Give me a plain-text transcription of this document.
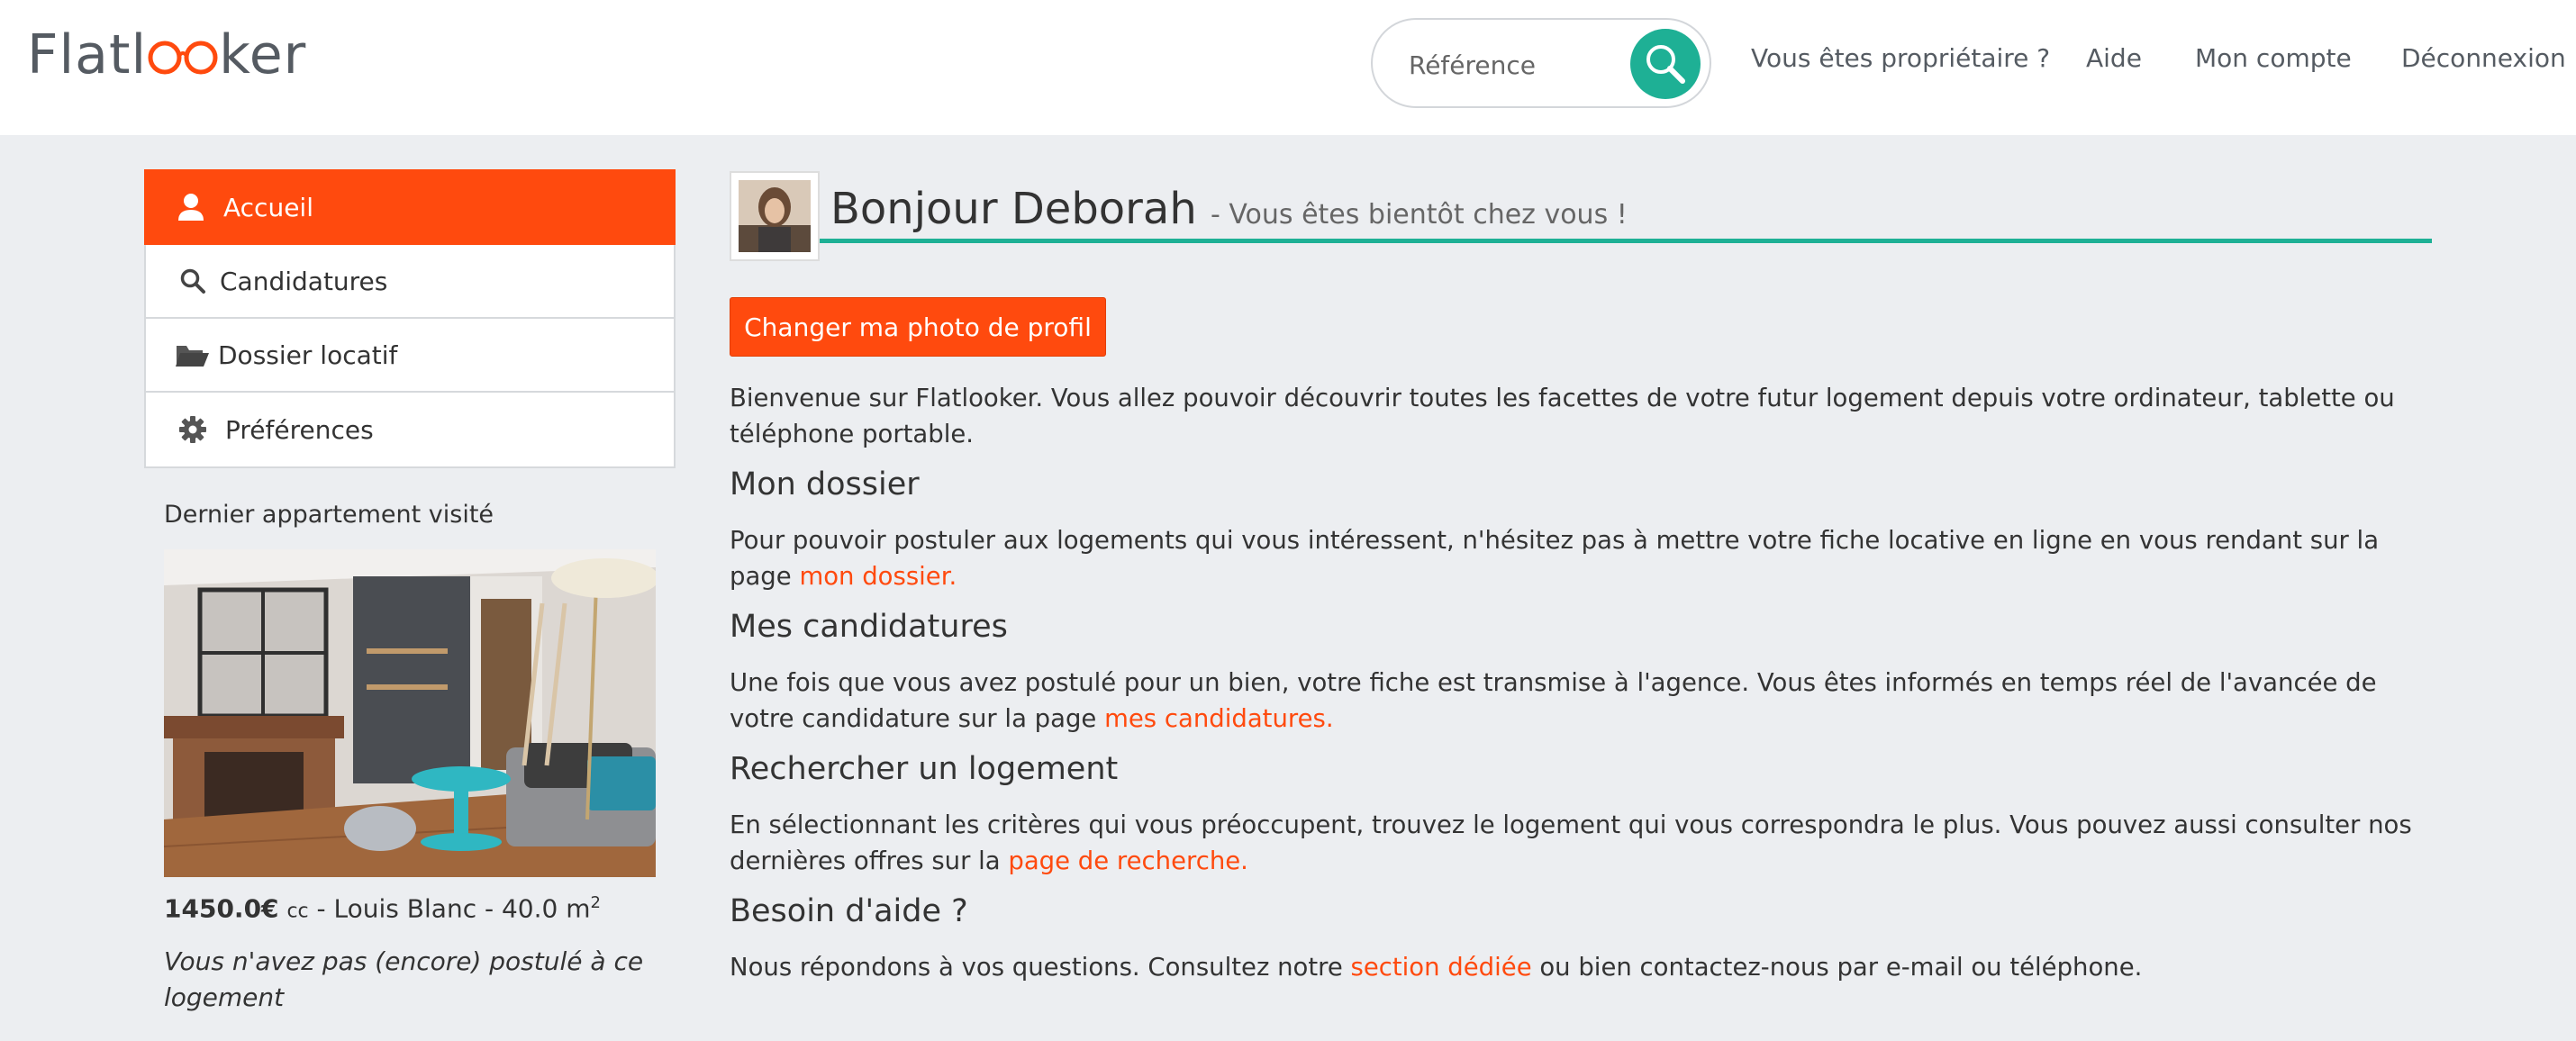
Flatl ker
Référence	Vous êtes propriétaire ? Aide Mon compte Déconnexion
Accueil
Candidatures
Dossier locatif
Préférences
Dernier appartement visité
1450.0€ cc - Louis Blanc - 40.0 $m^2$
Vous n'avez pas (encore) postulé à ce logement
Bonjour Deborah - Vous êtes bientôt chez vous !
Changer ma photo de profil
Bienvenue sur Flatlooker. Vous allez pouvoir découvrir toutes les facettes de votre futur logement depuis votre ordinateur, tablette ou téléphone portable.
Mon dossier
Pour pouvoir postuler aux logements qui vous intéressent, n'hésitez pas à mettre votre fiche locative en ligne en vous rendant sur la page mon dossier.
Mes candidatures
Une fois que vous avez postulé pour un bien, votre fiche est transmise à l'agence. Vous êtes informés en temps réel de l'avancée de votre candidature sur la page mes candidatures.
Rechercher un logement
En sélectionnant les critères qui vous préoccupent, trouvez le logement qui vous correspondra le plus. Vous pouvez aussi consulter nos dernières offres sur la page de recherche.
Besoin d'aide ?
Nous répondons à vos questions. Consultez notre section dédiée ou bien contactez-nous par e-mail ou téléphone.
